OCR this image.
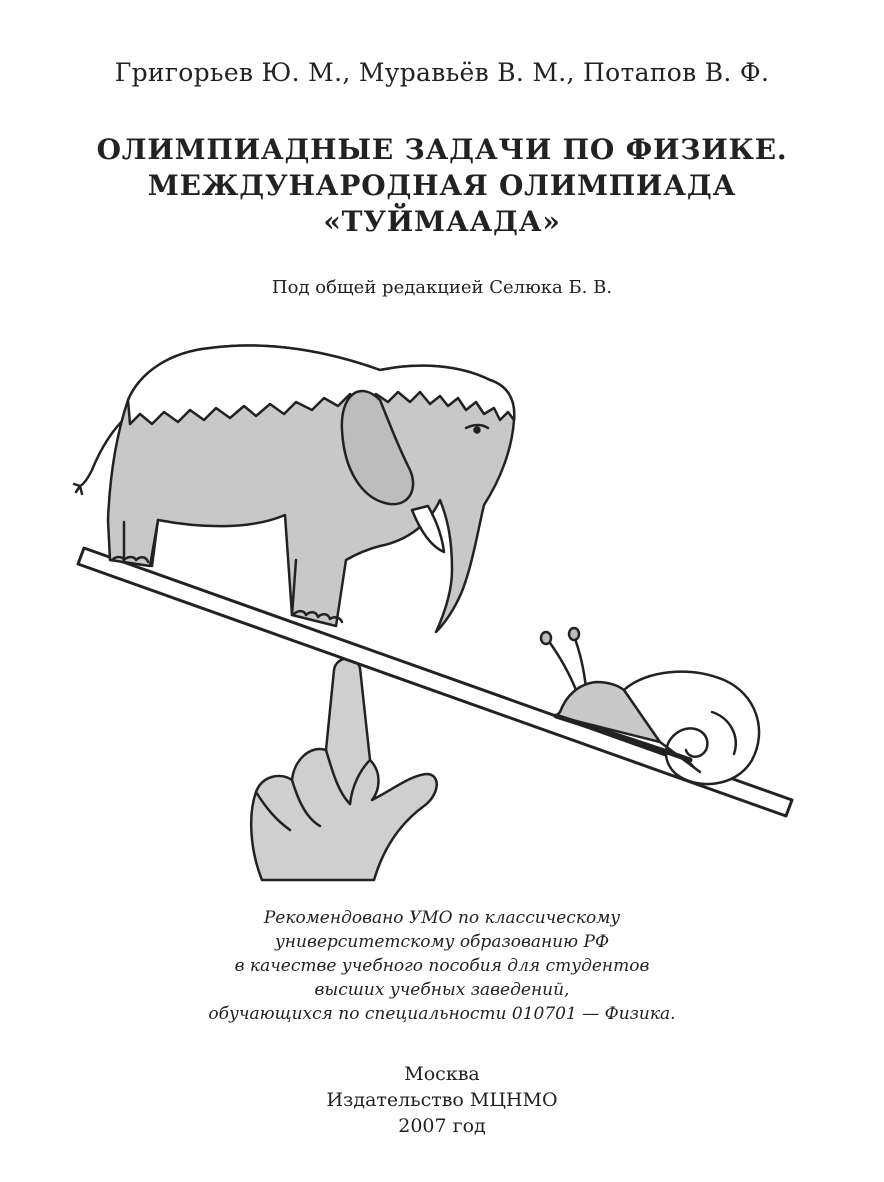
Григорьев Ю. М., Муравьёв В. М., Потапов В. Ф.
ОЛИМПИАДНЫЕ ЗАДАЧИ ПО ФИЗИКЕ.
МЕЖДУНАРОДНАЯ ОЛИМПИАДА
«ТУЙМААДА»
Под общей редакцией Селюка Б. В.
Рекомендовано УМО по классическому
университетскому образованию РФ
в качестве учебного пособия для студентов
высших учебных заведений,
обучающихся по специальности 010701 — Физика.
Москва
Издательство МЦНМО
2007 год
